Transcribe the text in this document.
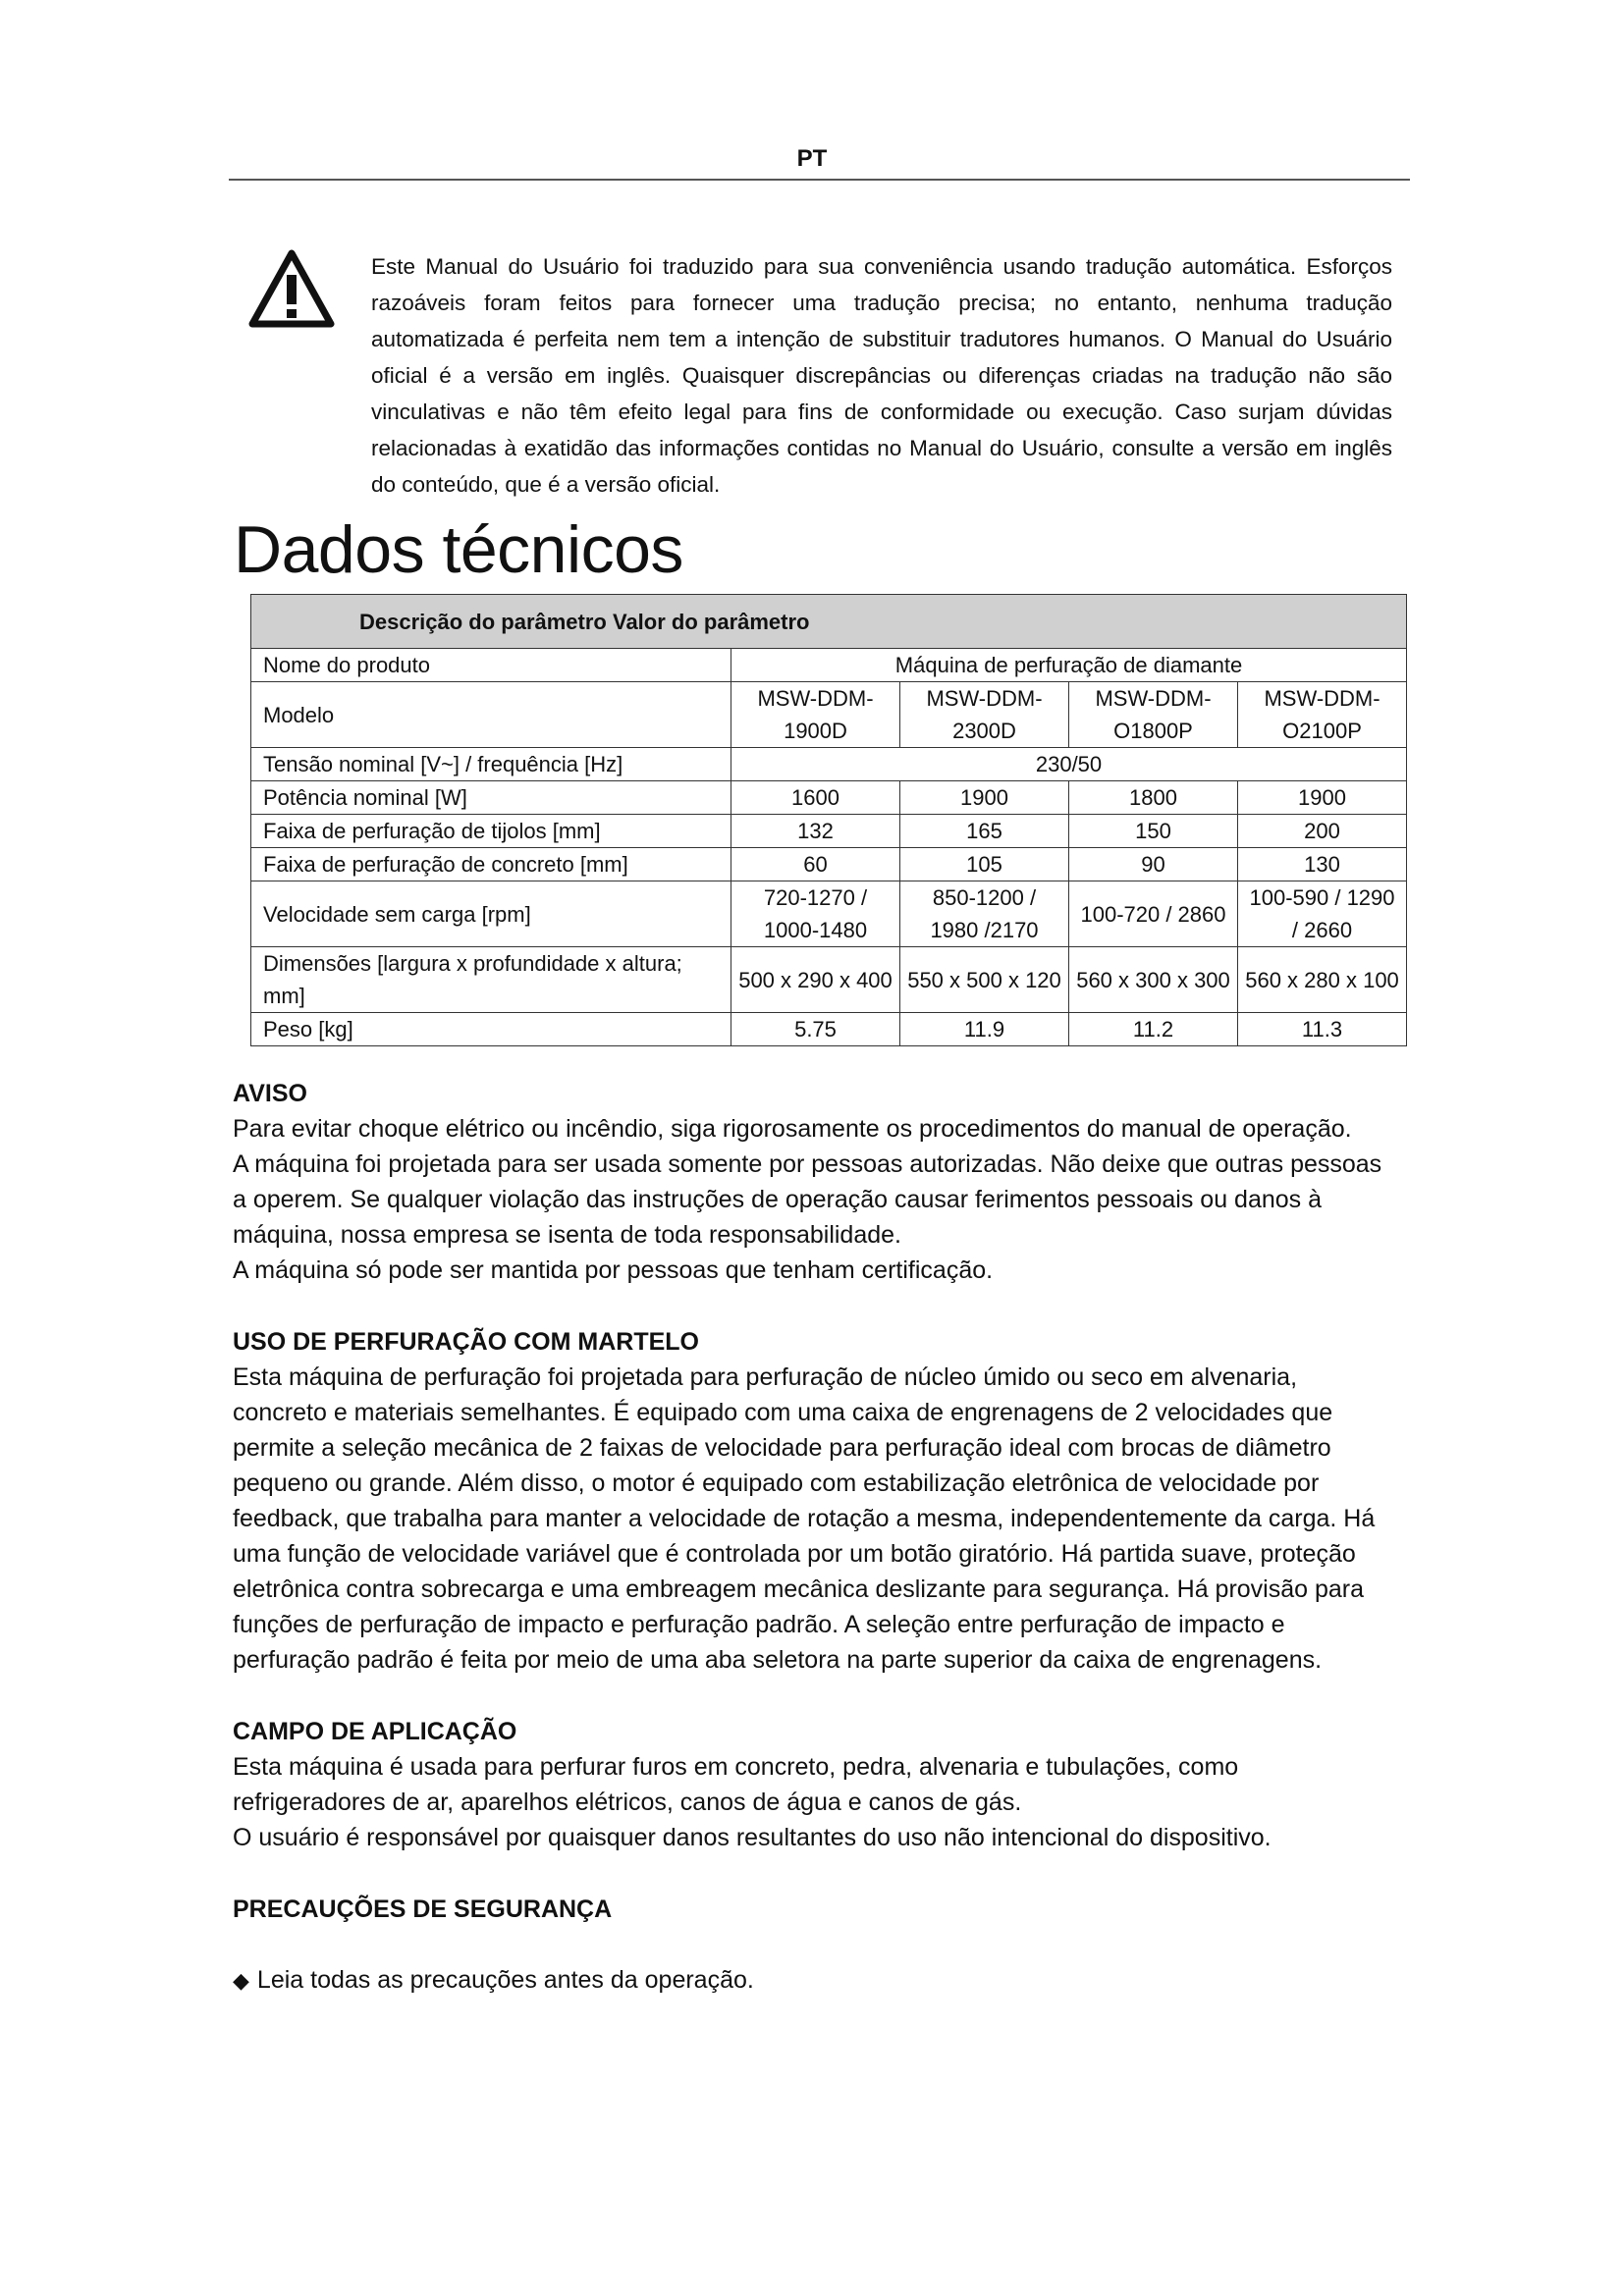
PT

Este Manual do Usuário foi traduzido para sua conveniência usando tradução automática. Esforços razoáveis foram feitos para fornecer uma tradução precisa; no entanto, nenhuma tradução automatizada é perfeita nem tem a intenção de substituir tradutores humanos. O Manual do Usuário oficial é a versão em inglês. Quaisquer discrepâncias ou diferenças criadas na tradução não são vinculativas e não têm efeito legal para fins de conformidade ou execução. Caso surjam dúvidas relacionadas à exatidão das informações contidas no Manual do Usuário, consulte a versão em inglês do conteúdo, que é a versão oficial.

Dados técnicos
Descrição do parâmetro Valor do parâmetro				
Nome do produto	Máquina de perfuração de diamante			
Modelo	MSW-DDM-1900D	MSW-DDM-2300D	MSW-DDM-O1800P	MSW-DDM-O2100P
Tensão nominal [V~] / frequência [Hz]	230/50			
Potência nominal [W]	1600	1900	1800	1900
Faixa de perfuração de tijolos [mm]	132	165	150	200
Faixa de perfuração de concreto [mm]	60	105	90	130
Velocidade sem carga [rpm]	720-1270 / 1000-1480	850-1200 / 1980 /2170	100-720 / 2860	100-590 / 1290 / 2660
Dimensões [largura x profundidade x altura; mm]	500 x 290 x 400	550 x 500 x 120	560 x 300 x 300	560 x 280 x 100
Peso [kg]	5.75	11.9	11.2	11.3
AVISO

Para evitar choque elétrico ou incêndio, siga rigorosamente os procedimentos do manual de operação.

A máquina foi projetada para ser usada somente por pessoas autorizadas. Não deixe que outras pessoas a operem. Se qualquer violação das instruções de operação causar ferimentos pessoais ou danos à máquina, nossa empresa se isenta de toda responsabilidade.

A máquina só pode ser mantida por pessoas que tenham certificação.

USO DE PERFURAÇÃO COM MARTELO

Esta máquina de perfuração foi projetada para perfuração de núcleo úmido ou seco em alvenaria, concreto e materiais semelhantes. É equipado com uma caixa de engrenagens de 2 velocidades que permite a seleção mecânica de 2 faixas de velocidade para perfuração ideal com brocas de diâmetro pequeno ou grande. Além disso, o motor é equipado com estabilização eletrônica de velocidade por feedback, que trabalha para manter a velocidade de rotação a mesma, independentemente da carga. Há uma função de velocidade variável que é controlada por um botão giratório. Há partida suave, proteção eletrônica contra sobrecarga e uma embreagem mecânica deslizante para segurança. Há provisão para funções de perfuração de impacto e perfuração padrão. A seleção entre perfuração de impacto e perfuração padrão é feita por meio de uma aba seletora na parte superior da caixa de engrenagens.

CAMPO DE APLICAÇÃO

Esta máquina é usada para perfurar furos em concreto, pedra, alvenaria e tubulações, como refrigeradores de ar, aparelhos elétricos, canos de água e canos de gás.

O usuário é responsável por quaisquer danos resultantes do uso não intencional do dispositivo.

PRECAUÇÕES DE SEGURANÇA

◆ Leia todas as precauções antes da operação.
